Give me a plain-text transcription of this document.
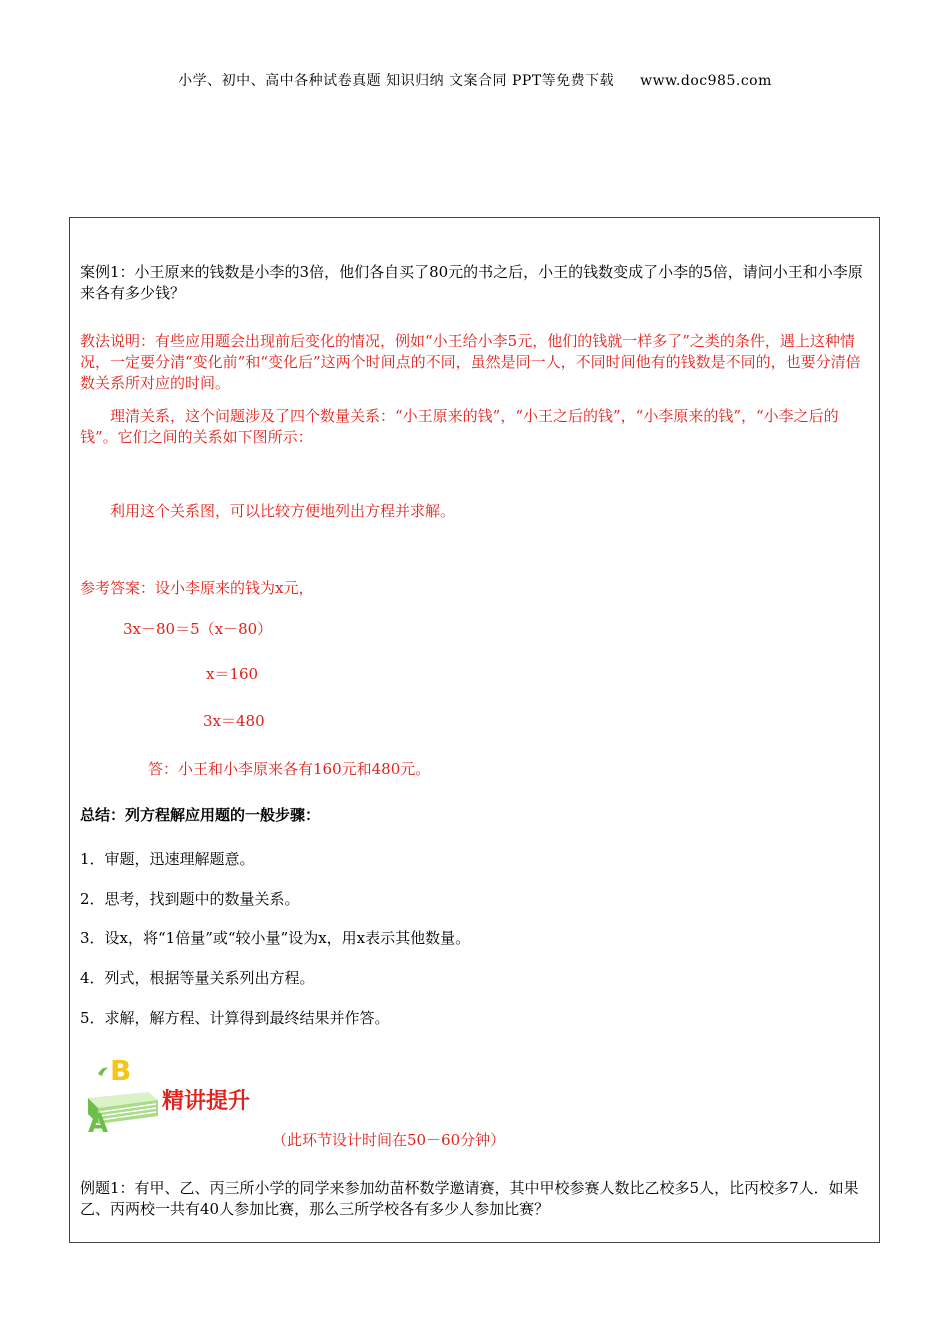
小学、初中、高中各种试卷真题 知识归纳 文案合同 PPT等免费下载 www.doc985.com
案例1：小王原来的钱数是小李的3倍，他们各自买了80元的书之后，小王的钱数变成了小李的5倍，请问小王和小李原来各有多少钱？
教法说明：有些应用题会出现前后变化的情况，例如“小王给小李5元，他们的钱就一样多了”之类的条件，遇上这种情况，一定要分清“变化前”和“变化后”这两个时间点的不同，虽然是同一人，不同时间他有的钱数是不同的，也要分清倍数关系所对应的时间。
理清关系，这个问题涉及了四个数量关系：“小王原来的钱”，“小王之后的钱”，“小李原来的钱”，“小李之后的钱”。它们之间的关系如下图所示：
利用这个关系图，可以比较方便地列出方程并求解。
参考答案：设小李原来的钱为x元，
3x－80＝5（x－80）
x＝160
3x＝480
答：小王和小李原来各有160元和480元。
总结：列方程解应用题的一般步骤：
1．审题，迅速理解题意。
2．思考，找到题中的数量关系。
3．设x，将“1倍量”或“较小量”设为x，用x表示其他数量。
4．列式，根据等量关系列出方程。
5．求解，解方程、计算得到最终结果并作答。
B
A
精讲提升
（此环节设计时间在50－60分钟）
例题1：有甲、乙、丙三所小学的同学来参加幼苗杯数学邀请赛，其中甲校参赛人数比乙校多5人，比丙校多7人．如果乙、丙两校一共有40人参加比赛，那么三所学校各有多少人参加比赛？
